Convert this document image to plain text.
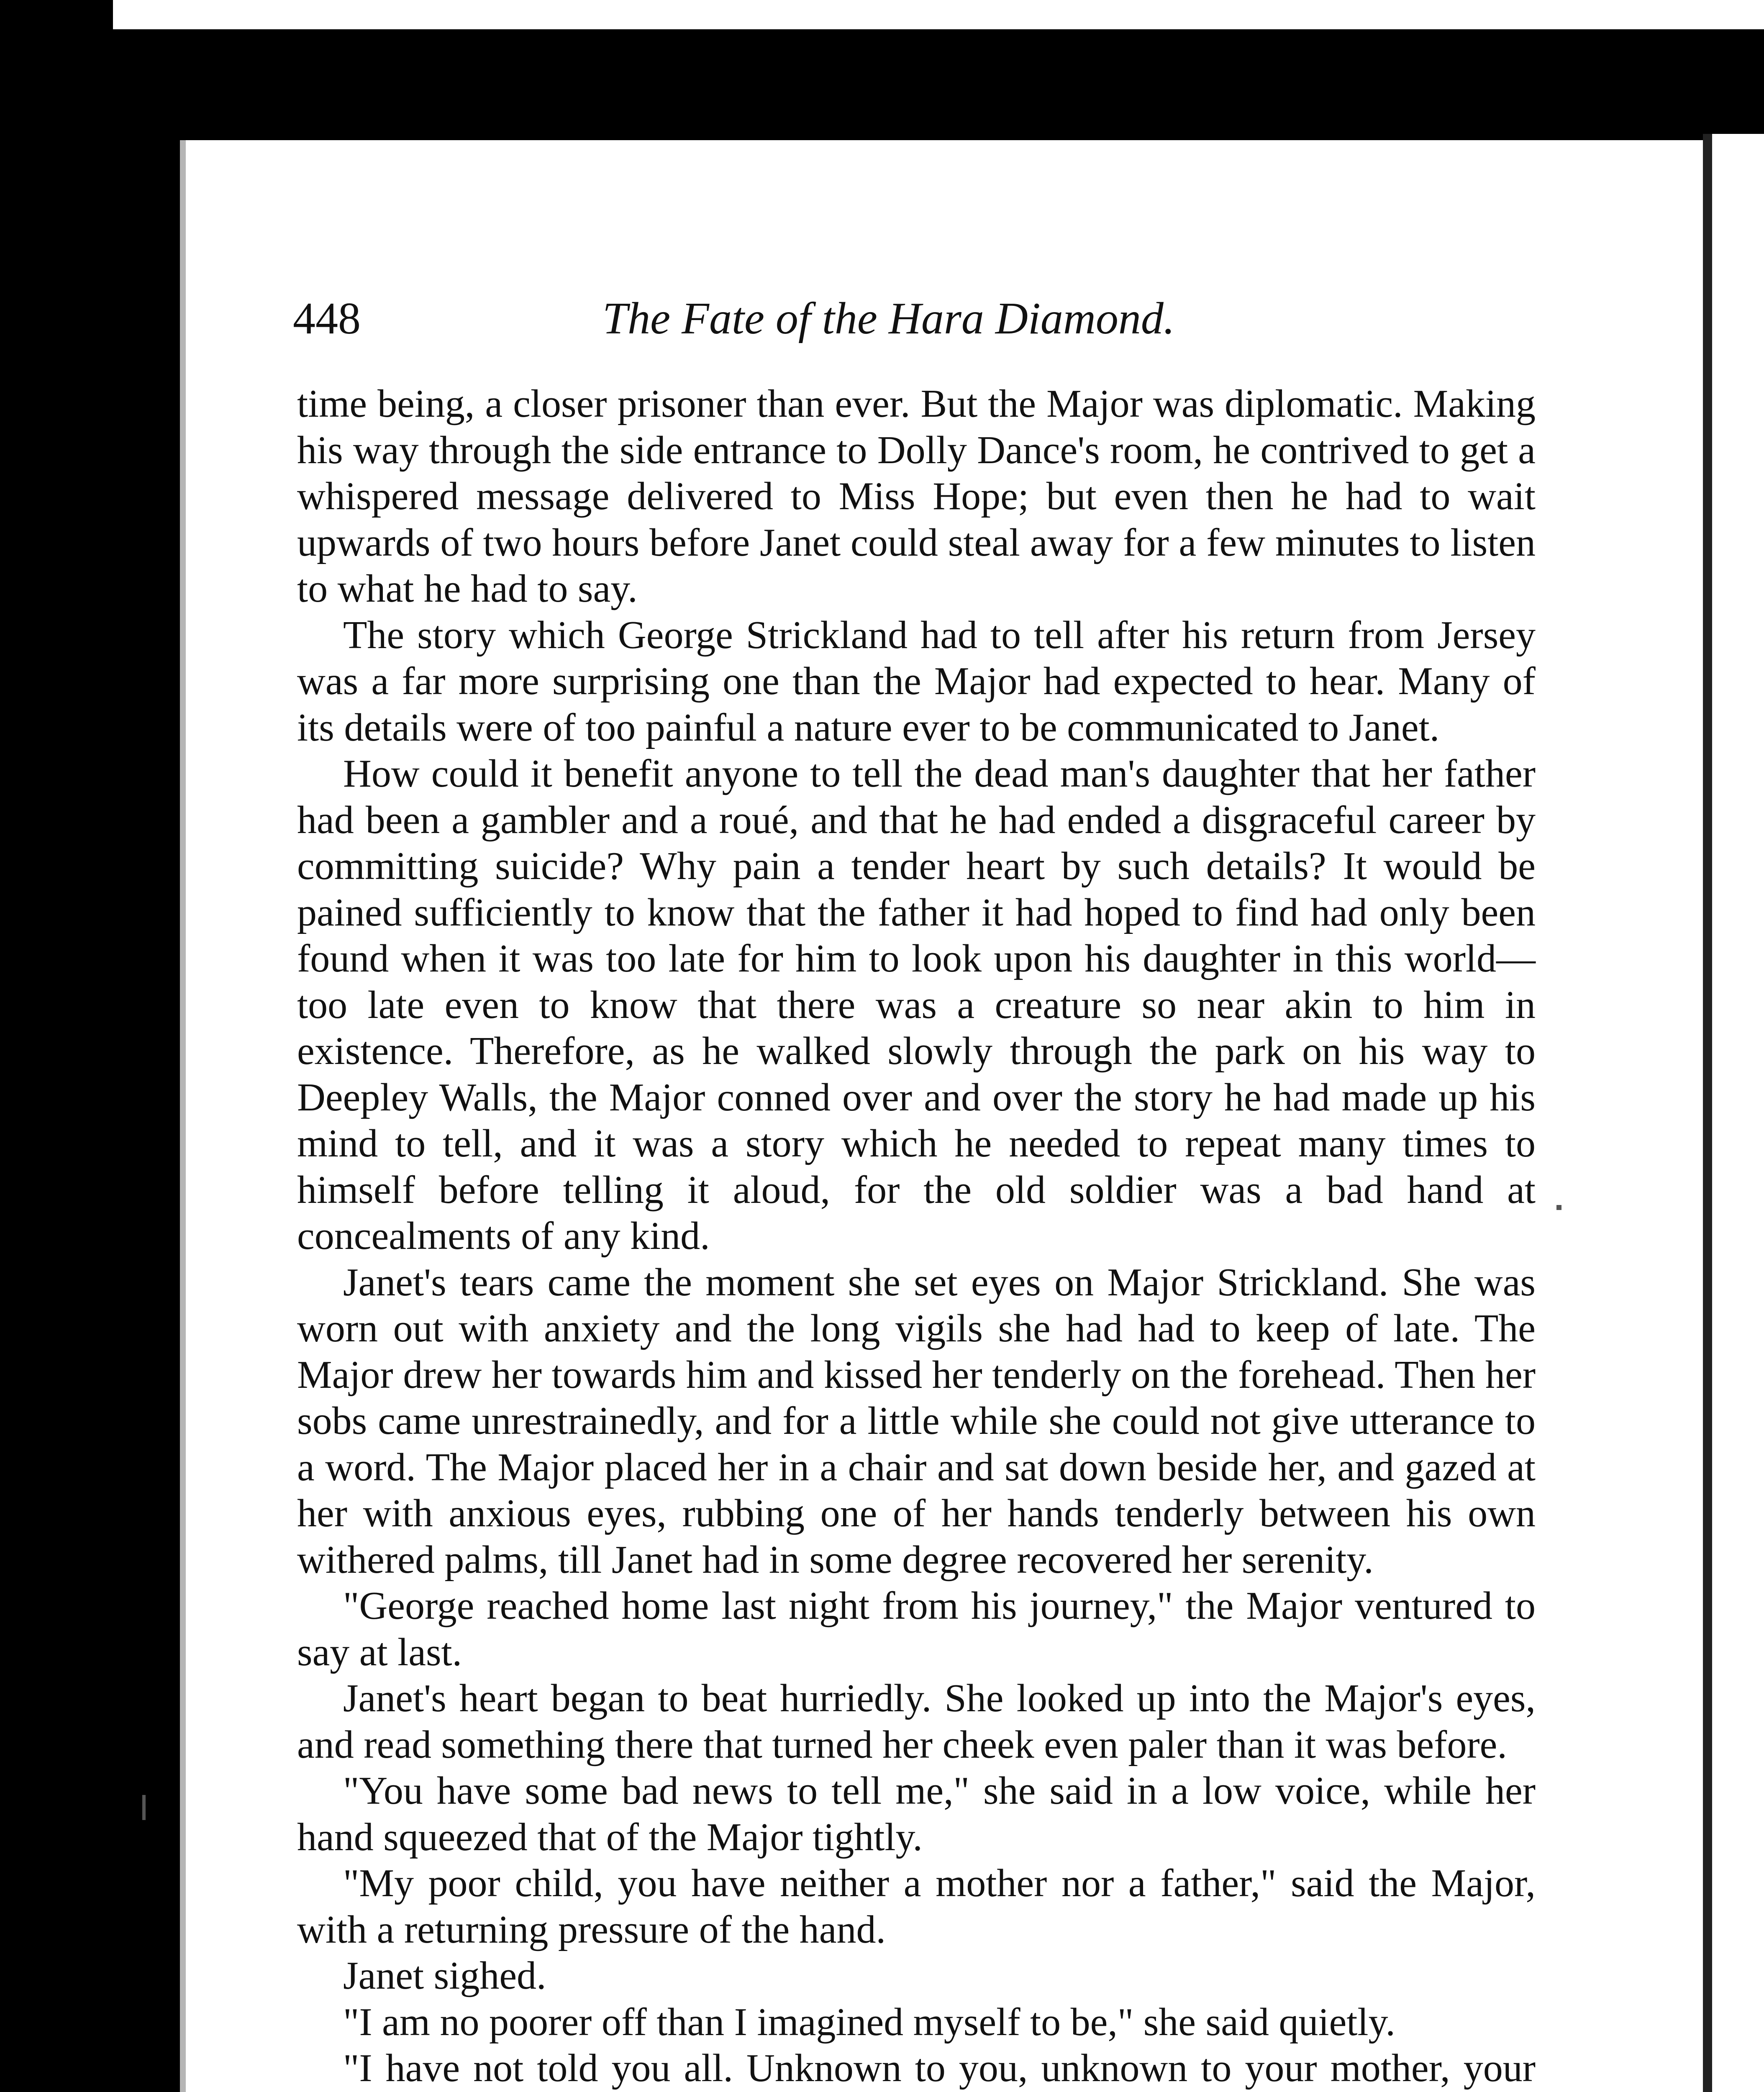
448	The Fate of the Hara Diamond.

time being, a closer prisoner than ever. But the Major was diplomatic. Making his way through the side entrance to Dolly Dance's room, he contrived to get a whispered message delivered to Miss Hope; but even then he had to wait upwards of two hours before Janet could steal away for a few minutes to listen to what he had to say.

The story which George Strickland had to tell after his return from Jersey was a far more surprising one than the Major had expected to hear. Many of its details were of too painful a nature ever to be communicated to Janet.

How could it benefit anyone to tell the dead man's daughter that her father had been a gambler and a roué, and that he had ended a disgraceful career by committing suicide? Why pain a tender heart by such details? It would be pained sufficiently to know that the father it had hoped to find had only been found when it was too late for him to look upon his daughter in this world—too late even to know that there was a creature so near akin to him in existence. Therefore, as he walked slowly through the park on his way to Deepley Walls, the Major conned over and over the story he had made up his mind to tell, and it was a story which he needed to repeat many times to himself before telling it aloud, for the old soldier was a bad hand at concealments of any kind.

Janet's tears came the moment she set eyes on Major Strickland. She was worn out with anxiety and the long vigils she had had to keep of late. The Major drew her towards him and kissed her tenderly on the forehead. Then her sobs came unrestrainedly, and for a little while she could not give utterance to a word. The Major placed her in a chair and sat down beside her, and gazed at her with anxious eyes, rubbing one of her hands tenderly between his own withered palms, till Janet had in some degree recovered her serenity.

"George reached home last night from his journey," the Major ventured to say at last.

Janet's heart began to beat hurriedly. She looked up into the Major's eyes, and read something there that turned her cheek even paler than it was before.

"You have some bad news to tell me," she said in a low voice, while her hand squeezed that of the Major tightly.

"My poor child, you have neither a mother nor a father," said the Major, with a returning pressure of the hand.

Janet sighed.

"I am no poorer off than I imagined myself to be," she said quietly.

"I have not told you all. Unknown to you, unknown to your mother, your
